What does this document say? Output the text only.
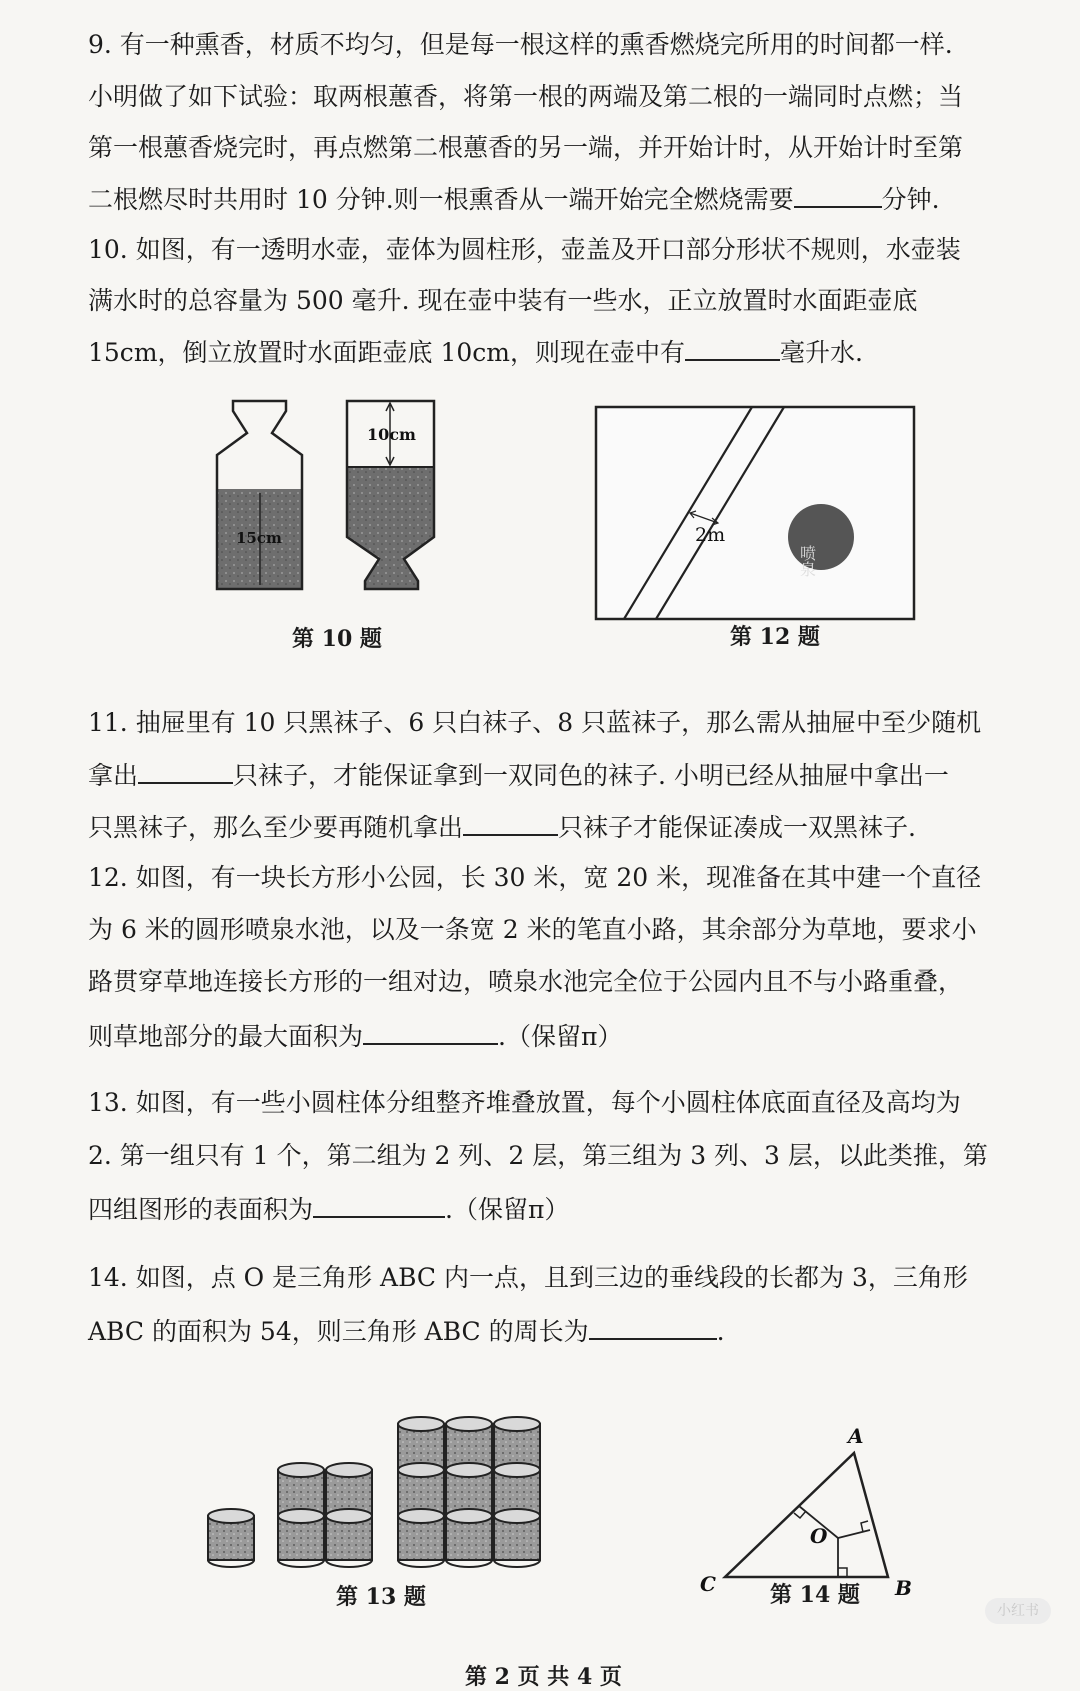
9. 有一种熏香，材质不均匀，但是每一根这样的熏香燃烧完所用的时间都一样.
小明做了如下试验：取两根蕙香，将第一根的两端及第二根的一端同时点燃；当
第一根蕙香烧完时，再点燃第二根蕙香的另一端，并开始计时，从开始计时至第
二根燃尽时共用时 10 分钟.则一根熏香从一端开始完全燃烧需要	分钟.
10. 如图，有一透明水壶，壶体为圆柱形，壶盖及开口部分形状不规则，水壶装
满水时的总容量为 500 毫升. 现在壶中装有一些水，正立放置时水面距壶底
15cm，倒立放置时水面距壶底 10cm，则现在壶中有	毫升水.
15cm
10cm
第 10 题
2m
喷泉
第 12 题
11. 抽屉里有 10 只黑袜子、6 只白袜子、8 只蓝袜子，那么需从抽屉中至少随机
拿出	只袜子，才能保证拿到一双同色的袜子. 小明已经从抽屉中拿出一
只黑袜子，那么至少要再随机拿出	只袜子才能保证凑成一双黑袜子.
12. 如图，有一块长方形小公园，长 30 米，宽 20 米，现准备在其中建一个直径
为 6 米的圆形喷泉水池，以及一条宽 2 米的笔直小路，其余部分为草地，要求小
路贯穿草地连接长方形的一组对边，喷泉水池完全位于公园内且不与小路重叠，
则草地部分的最大面积为	.（保留π）
13. 如图，有一些小圆柱体分组整齐堆叠放置，每个小圆柱体底面直径及高均为
2. 第一组只有 1 个，第二组为 2 列、2 层，第三组为 3 列、3 层，以此类推，第
四组图形的表面积为	.（保留π）
14. 如图，点 O 是三角形 ABC 内一点，且到三边的垂线段的长都为 3，三角形
ABC 的面积为 54，则三角形 ABC 的周长为	.
第 13 题
A
B
C
O
第 14 题
第 2 页 共 4 页
小红书
